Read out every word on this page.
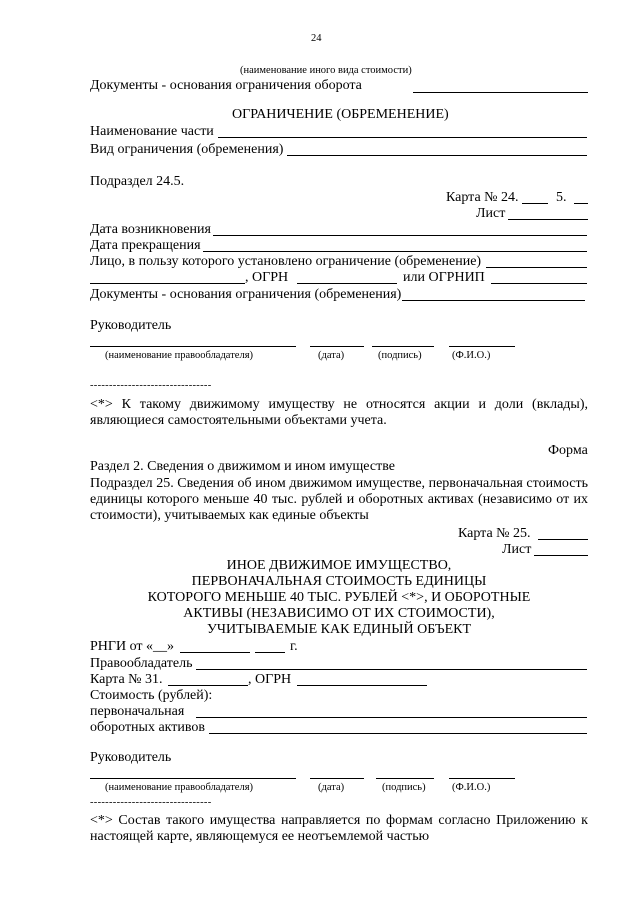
24
(наименование иного вида стоимости)
Документы - основания ограничения оборота
ОГРАНИЧЕНИЕ (ОБРЕМЕНЕНИЕ)
Наименование части
Вид ограничения (обременения)
Подраздел 24.5.
Карта № 24.	5.
Лист
Дата возникновения
Дата прекращения
Лицо, в пользу которого установлено ограничение (обременение)
, ОГРН	или ОГРНИП
Документы - основания ограничения (обременения)
Руководитель
(наименование правообладателя)	(дата)	(подпись)	(Ф.И.О.)
--------------------------------
<*> К такому движимому имуществу не относятся акции и доли (вклады),
являющиеся самостоятельными объектами учета.
Форма
Раздел 2. Сведения о движимом и ином имуществе
Подраздел 25. Сведения об ином движимом имуществе, первоначальная стоимость
единицы которого меньше 40 тыс. рублей и оборотных активах (независимо от их
стоимости), учитываемых как единые объекты
Карта № 25.
Лист
ИНОЕ ДВИЖИМОЕ ИМУЩЕСТВО,
ПЕРВОНАЧАЛЬНАЯ СТОИМОСТЬ ЕДИНИЦЫ
КОТОРОГО МЕНЬШЕ 40 ТЫС. РУБЛЕЙ <*>, И ОБОРОТНЫЕ
АКТИВЫ (НЕЗАВИСИМО ОТ ИХ СТОИМОСТИ),
УЧИТЫВАЕМЫЕ КАК ЕДИНЫЙ ОБЪЕКТ
РНГИ от «__»	г.
Правообладатель
Карта № 31.	, ОГРН
Стоимость (рублей):
первоначальная
оборотных активов
Руководитель
(наименование правообладателя)	(дата)	(подпись)	(Ф.И.О.)
--------------------------------
<*> Состав такого имущества направляется по формам согласно Приложению к
настоящей карте, являющемуся ее неотъемлемой частью
